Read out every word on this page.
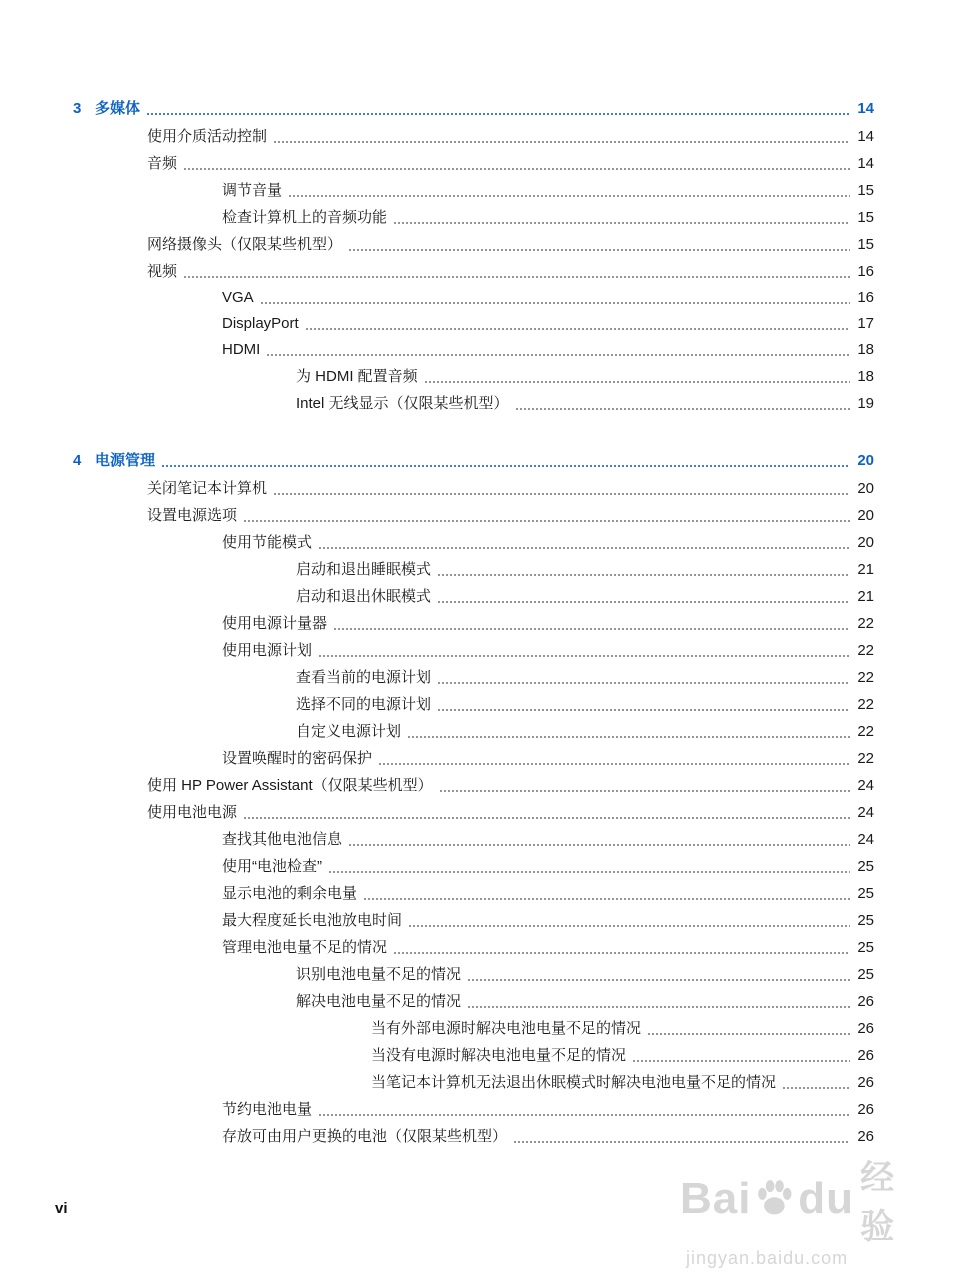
3 多媒体	14
使用介质活动控制	14
音频	14
调节音量	15
检查计算机上的音频功能	15
网络摄像头（仅限某些机型）	15
视频	16
VGA	16
DisplayPort	17
HDMI	18
为 HDMI 配置音频	18
Intel 无线显示（仅限某些机型）	19
4 电源管理	20
关闭笔记本计算机	20
设置电源选项	20
使用节能模式	20
启动和退出睡眠模式	21
启动和退出休眠模式	21
使用电源计量器	22
使用电源计划	22
查看当前的电源计划	22
选择不同的电源计划	22
自定义电源计划	22
设置唤醒时的密码保护	22
使用 HP Power Assistant（仅限某些机型）	24
使用电池电源	24
查找其他电池信息	24
使用“电池检查”	25
显示电池的剩余电量	25
最大程度延长电池放电时间	25
管理电池电量不足的情况	25
识别电池电量不足的情况	25
解决电池电量不足的情况	26
当有外部电源时解决电池电量不足的情况	26
当没有电源时解决电池电量不足的情况	26
当笔记本计算机无法退出休眠模式时解决电池电量不足的情况	26
节约电池电量	26
存放可由用户更换的电池（仅限某些机型）	26
vi	Bai du 经验
jingyan.baidu.com
